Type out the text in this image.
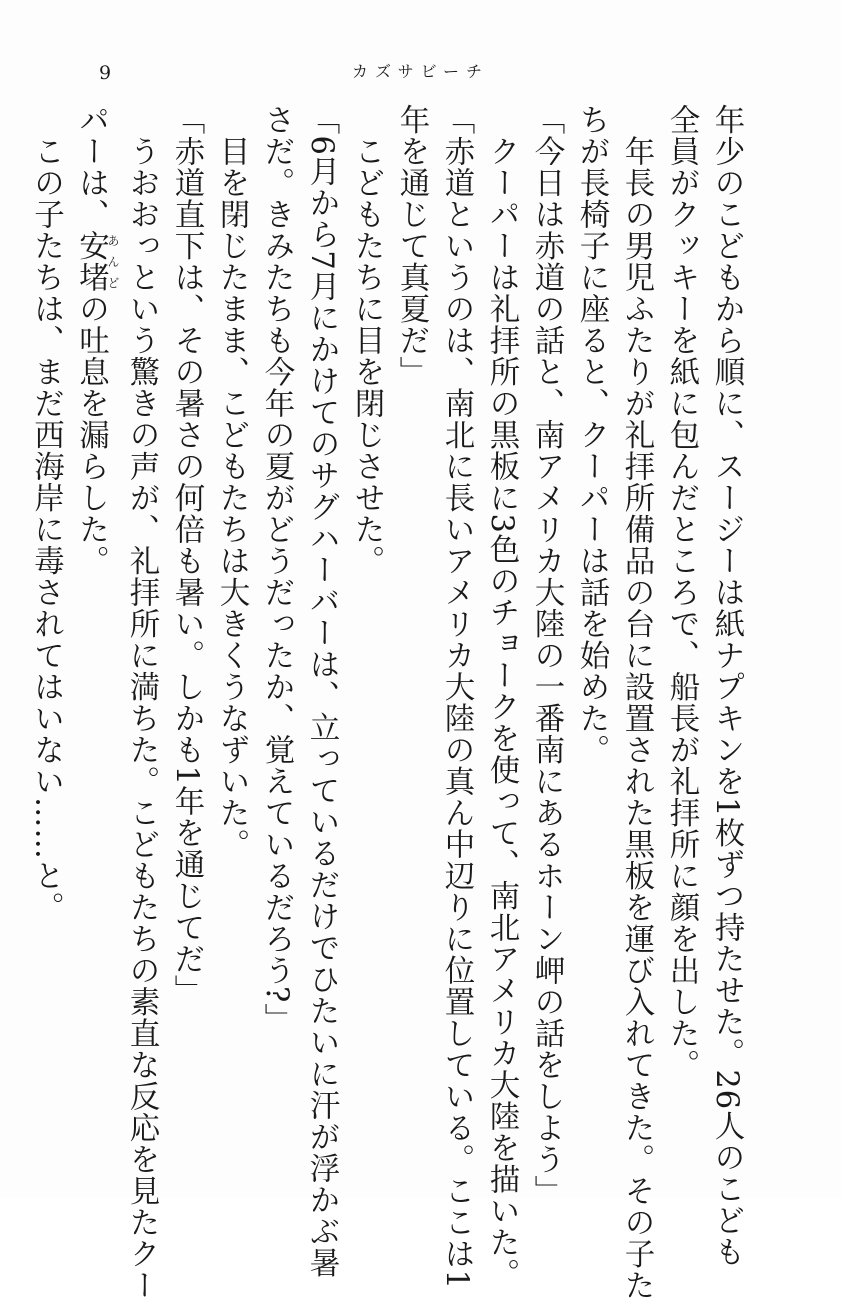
9	カズサビーチ
年少のこどもから順に、スージーは紙ナプキンを1枚ずつ持たせた。26人のこども
全員がクッキーを紙に包んだところで、船長が礼拝所に顔を出した。
　年長の男児ふたりが礼拝所備品の台に設置された黒板を運び入れてきた。その子た
ちが長椅子に座ると、クーパーは話を始めた。
「今日は赤道の話と、南アメリカ大陸の一番南にあるホーン岬の話をしよう」
　クーパーは礼拝所の黒板に3色のチョークを使って、南北アメリカ大陸を描いた。
「赤道というのは、南北に長いアメリカ大陸の真ん中辺りに位置している。ここは1
年を通じて真夏だ」
　こどもたちに目を閉じさせた。
「6月から7月にかけてのサグハーバーは、立っているだけでひたいに汗が浮かぶ暑
さだ。きみたちも今年の夏がどうだったか、覚えているだろう?」
　目を閉じたまま、こどもたちは大きくうなずいた。
「赤道直下は、その暑さの何倍も暑い。しかも1年を通じてだ」
　うおおっという驚きの声が、礼拝所に満ちた。こどもたちの素直な反応を見たクー
パーは、安堵あんどの吐息を漏らした。
　この子たちは、まだ西海岸に毒されてはいない……と。
